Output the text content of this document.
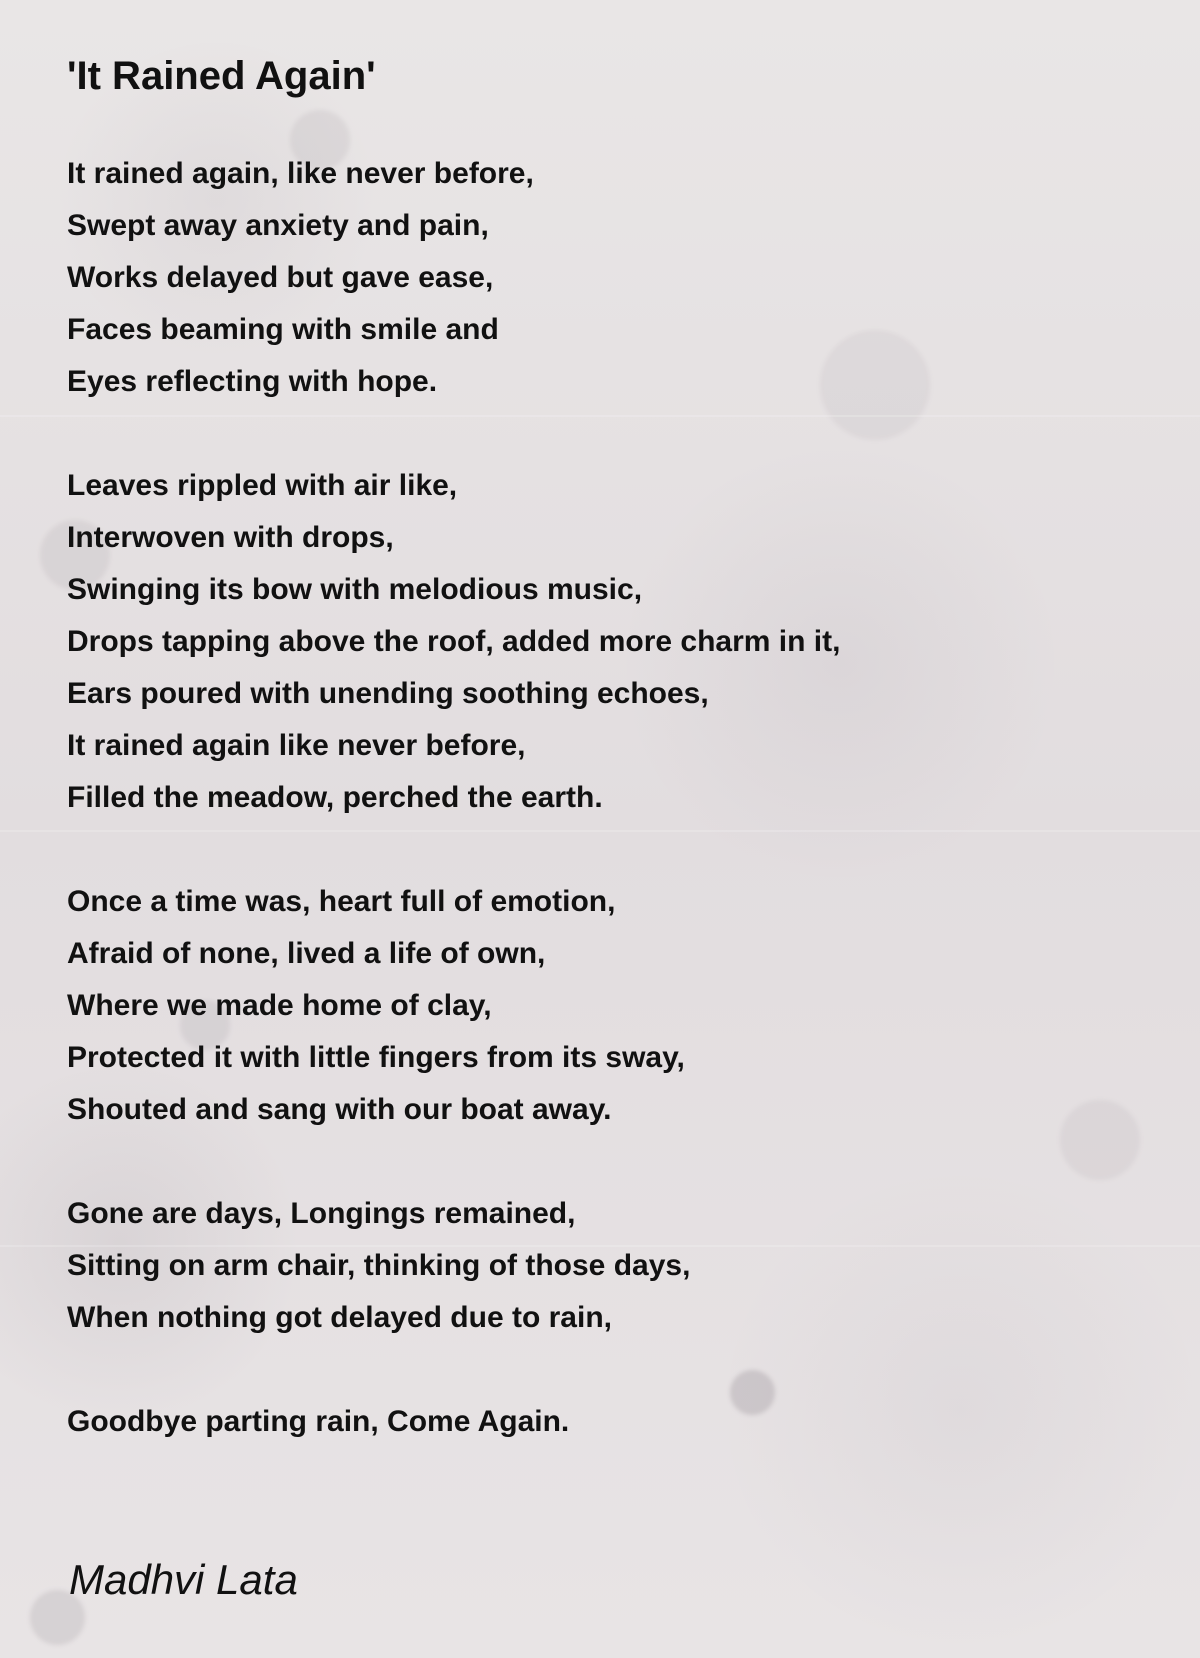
'It Rained Again'
It rained again, like never before,
Swept away anxiety and pain,
Works delayed but gave ease,
Faces beaming with smile and
Eyes reflecting with hope.
Leaves rippled with air like,
Interwoven with drops,
Swinging its bow with melodious music,
Drops tapping above the roof, added more charm in it,
Ears poured with unending soothing echoes,
It rained again like never before,
Filled the meadow, perched the earth.
Once a time was, heart full of emotion,
Afraid of none, lived a life of own,
Where we made home of clay,
Protected it with little fingers from its sway,
Shouted and sang with our boat away.
Gone are days, Longings remained,
Sitting on arm chair, thinking of those days,
When nothing got delayed due to rain,
Goodbye parting rain, Come Again.

Madhvi Lata
